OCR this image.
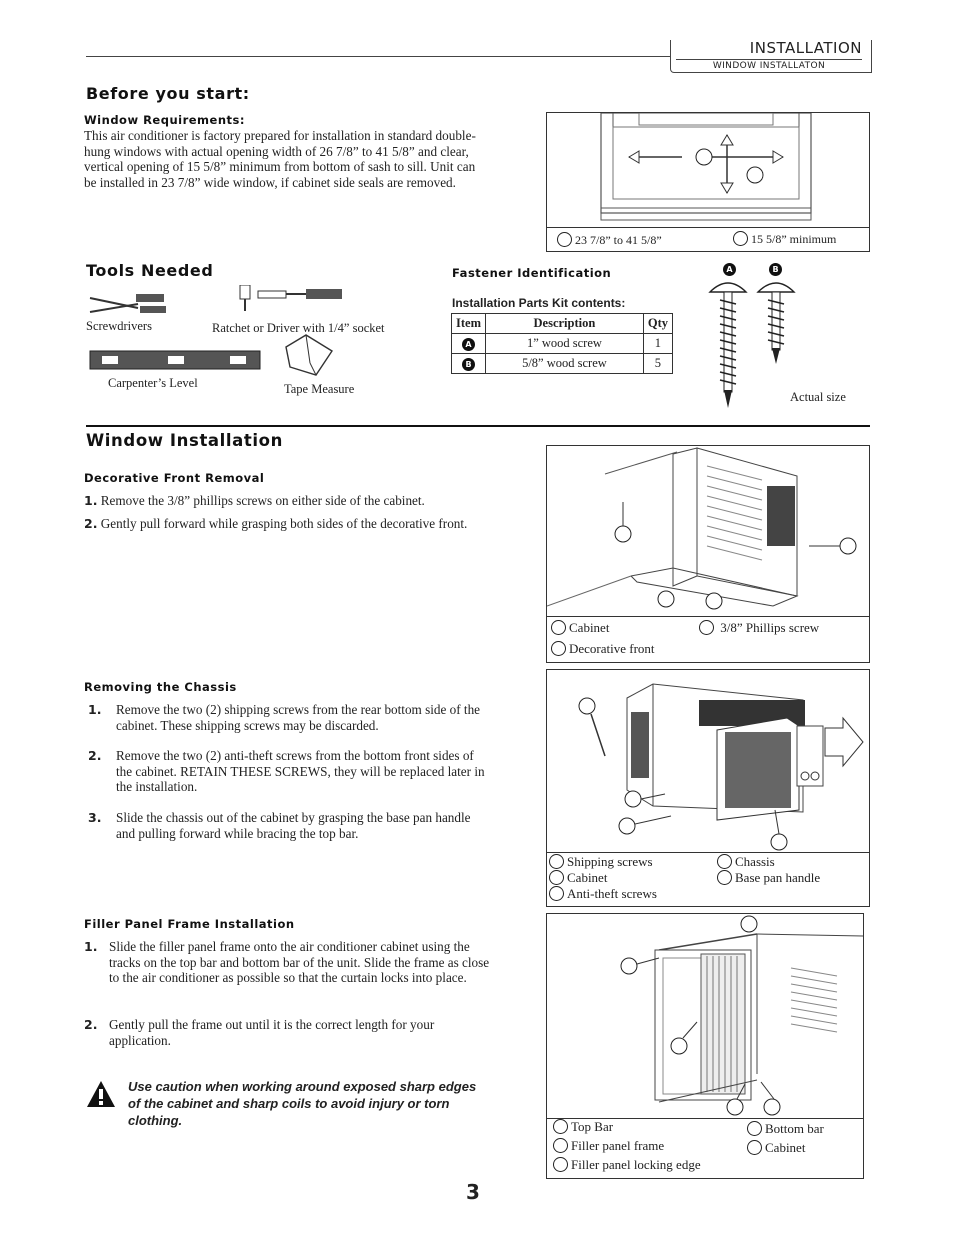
INSTALLATION
WINDOW INSTALLATON
Before you start:
Window Requirements:
This air conditioner is factory prepared for installation in standard double-
hung windows with actual opening width of 26 7/8” to 41 5/8” and clear,
vertical opening of 15 5/8” minimum from bottom of sash to sill. Unit can
be installed in 23 7/8” wide window, if cabinet side seals are removed.
23 7/8” to 41 5/8”	15 5/8” minimum
Tools Needed
Screwdrivers	Ratchet or Driver with 1/4” socket
Carpenter’s Level	Tape Measure
Fastener Identification
Installation Parts Kit contents:
Item	Description	Qty
A	1” wood screw	1
B	5/8” wood screw	5
A	B
Actual size
Window Installation
Decorative Front Removal
1. Remove the 3/8” phillips screws on either side of the cabinet.
2. Gently pull forward while grasping both sides of the decorative front.
Cabinet	3/8” Phillips screw
Decorative front
Removing the Chassis
1. Remove the two (2) shipping screws from the rear bottom side of the
cabinet. These shipping screws may be discarded.
2. Remove the two (2) anti-theft screws from the bottom front sides of
the cabinet. RETAIN THESE SCREWS, they will be replaced later in
the installation.
3. Slide the chassis out of the cabinet by grasping the base pan handle
and pulling forward while bracing the top bar.
Shipping screws
Cabinet
Anti-theft screws
Chassis
Base pan handle
Filler Panel Frame Installation
1. Slide the filler panel frame onto the air conditioner cabinet using the
tracks on the top bar and bottom bar of the unit. Slide the frame as close
to the air conditioner as possible so that the curtain locks into place.
2. Gently pull the frame out until it is the correct length for your
application.
Use caution when working around exposed sharp edges
of the cabinet and sharp coils to avoid injury or torn
clothing.	Top Bar
Filler panel frame
Filler panel locking edge
Bottom bar
Cabinet
3
